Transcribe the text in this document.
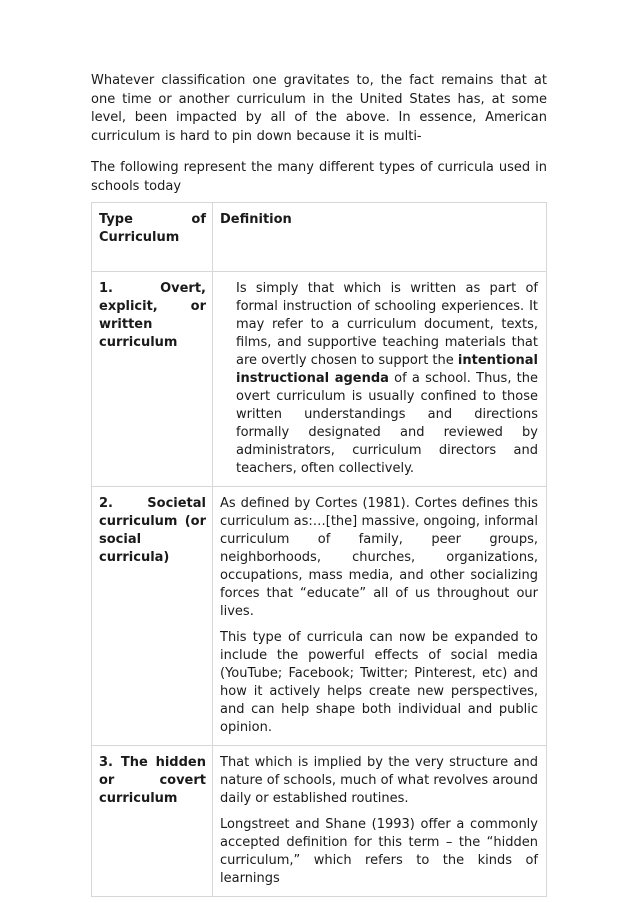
Whatever classification one gravitates to, the fact remains that at one time or another curriculum in the United States has, at some level, been impacted by all of the above. In essence, American curriculum is hard to pin down because it is multi-

The following represent the many different types of curricula used in schools today

Type of Curriculum	Definition
1. Overt, explicit, or written curriculum	Is simply that which is written as part of formal instruction of schooling experiences. It may refer to a curriculum document, texts, films, and supportive teaching materials that are overtly chosen to support the intentional instructional agenda of a school. Thus, the overt curriculum is usually confined to those written understandings and directions formally designated and reviewed by administrators, curriculum directors and teachers, often collectively.

2. Societal curriculum (or social curricula)	As defined by Cortes (1981). Cortes defines this curriculum as:…[the] massive, ongoing, informal curriculum of family, peer groups, neighborhoods, churches, organizations, occupations, mass media, and other socializing forces that “educate” all of us throughout our lives.

This type of curricula can now be expanded to include the powerful effects of social media (YouTube; Facebook; Twitter; Pinterest, etc) and how it actively helps create new perspectives, and can help shape both individual and public opinion.

3. The hidden or covert curriculum	That which is implied by the very structure and nature of schools, much of what revolves around daily or established routines.

Longstreet and Shane (1993) offer a commonly accepted definition for this term – the “hidden curriculum,” which refers to the kinds of learnings
